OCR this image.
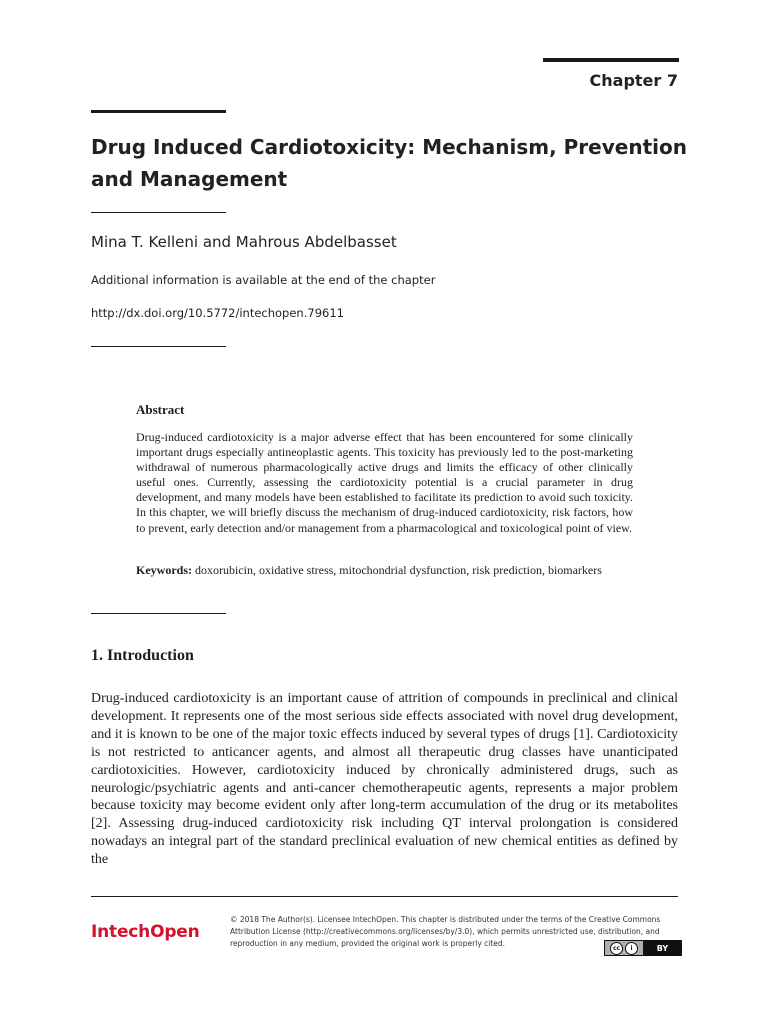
Chapter 7
Drug Induced Cardiotoxicity: Mechanism, Prevention and Management
Mina T. Kelleni and Mahrous Abdelbasset
Additional information is available at the end of the chapter
http://dx.doi.org/10.5772/intechopen.79611
Abstract

Drug-induced cardiotoxicity is a major adverse effect that has been encountered for some clinically important drugs especially antineoplastic agents. This toxicity has previously led to the post-marketing withdrawal of numerous pharmacologically active drugs and limits the efficacy of other clinically useful ones. Currently, assessing the cardiotoxicity potential is a crucial parameter in drug development, and many models have been established to facilitate its prediction to avoid such toxicity. In this chapter, we will briefly discuss the mechanism of drug-induced cardiotoxicity, risk factors, how to prevent, early detection and/or management from a pharmacological and toxicological point of view.

Keywords: doxorubicin, oxidative stress, mitochondrial dysfunction, risk prediction, biomarkers

1. Introduction

Drug-induced cardiotoxicity is an important cause of attrition of compounds in preclinical and clinical development. It represents one of the most serious side effects associated with novel drug development, and it is known to be one of the major toxic effects induced by several types of drugs [1]. Cardiotoxicity is not restricted to anticancer agents, and almost all therapeutic drug classes have unanticipated cardiotoxicities. However, cardiotoxicity induced by chronically administered drugs, such as neurologic/psychiatric agents and anti-cancer chemotherapeutic agents, represents a major problem because toxicity may become evident only after long-term accumulation of the drug or its metabolites [2]. Assessing drug-induced cardiotoxicity risk including QT interval prolongation is considered nowadays an integral part of the standard preclinical evaluation of new chemical entities as defined by the

IntechOpen

© 2018 The Author(s). Licensee IntechOpen. This chapter is distributed under the terms of the Creative Commons Attribution License (http://creativecommons.org/licenses/by/3.0), which permits unrestricted use, distribution, and reproduction in any medium, provided the original work is properly cited.	cc	i	BY
